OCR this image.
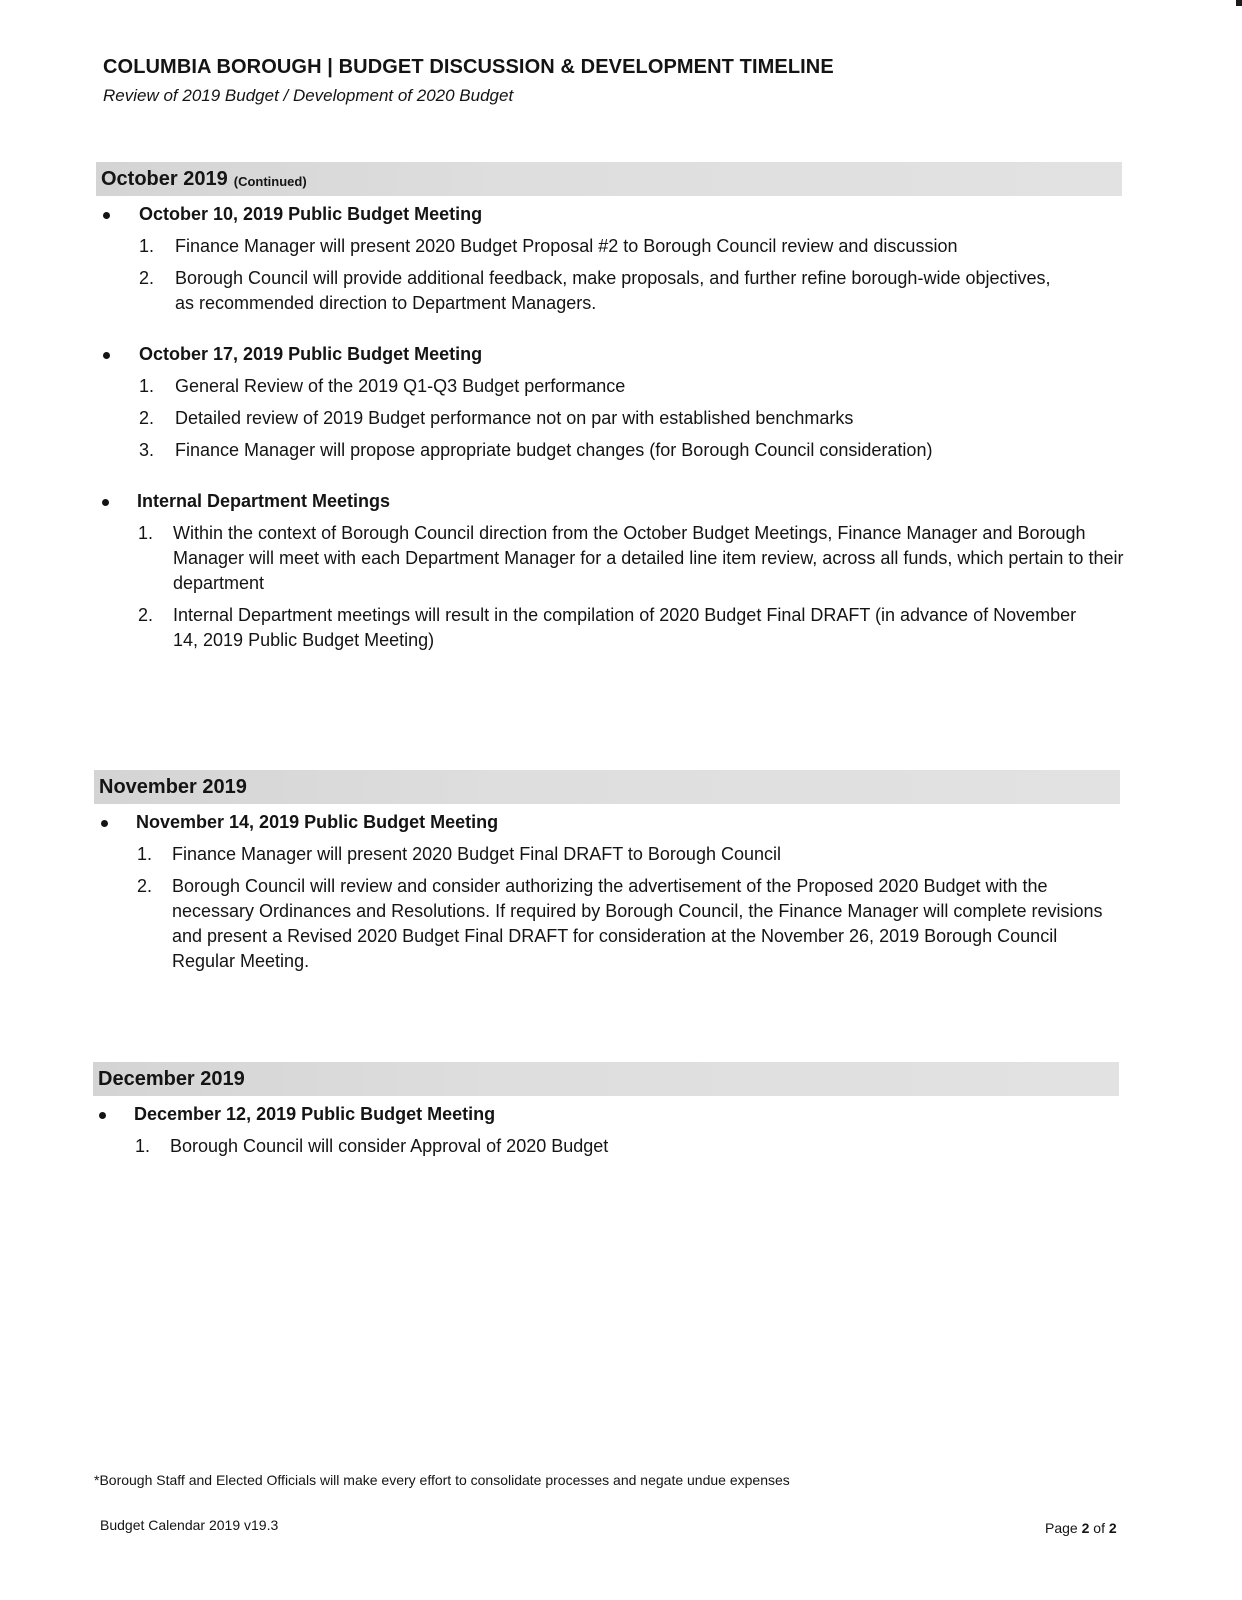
COLUMBIA BOROUGH | BUDGET DISCUSSION & DEVELOPMENT TIMELINE
Review of 2019 Budget / Development of 2020 Budget
October 2019 (Continued)
October 10, 2019 Public Budget Meeting
1. Finance Manager will present 2020 Budget Proposal #2 to Borough Council review and discussion
2. Borough Council will provide additional feedback, make proposals, and further refine borough-wide objectives, as recommended direction to Department Managers.
October 17, 2019 Public Budget Meeting
1. General Review of the 2019 Q1-Q3 Budget performance
2. Detailed review of 2019 Budget performance not on par with established benchmarks
3. Finance Manager will propose appropriate budget changes (for Borough Council consideration)
Internal Department Meetings
1. Within the context of Borough Council direction from the October Budget Meetings, Finance Manager and Borough Manager will meet with each Department Manager for a detailed line item review, across all funds, which pertain to their department
2. Internal Department meetings will result in the compilation of 2020 Budget Final DRAFT (in advance of November 14, 2019 Public Budget Meeting)
November 2019
November 14, 2019 Public Budget Meeting
1. Finance Manager will present 2020 Budget Final DRAFT to Borough Council
2. Borough Council will review and consider authorizing the advertisement of the Proposed 2020 Budget with the necessary Ordinances and Resolutions. If required by Borough Council, the Finance Manager will complete revisions and present a Revised 2020 Budget Final DRAFT for consideration at the November 26, 2019 Borough Council Regular Meeting.
December 2019
December 12, 2019 Public Budget Meeting
1. Borough Council will consider Approval of 2020 Budget
*Borough Staff and Elected Officials will make every effort to consolidate processes and negate undue expenses
Budget Calendar 2019 v19.3	Page 2 of 2
